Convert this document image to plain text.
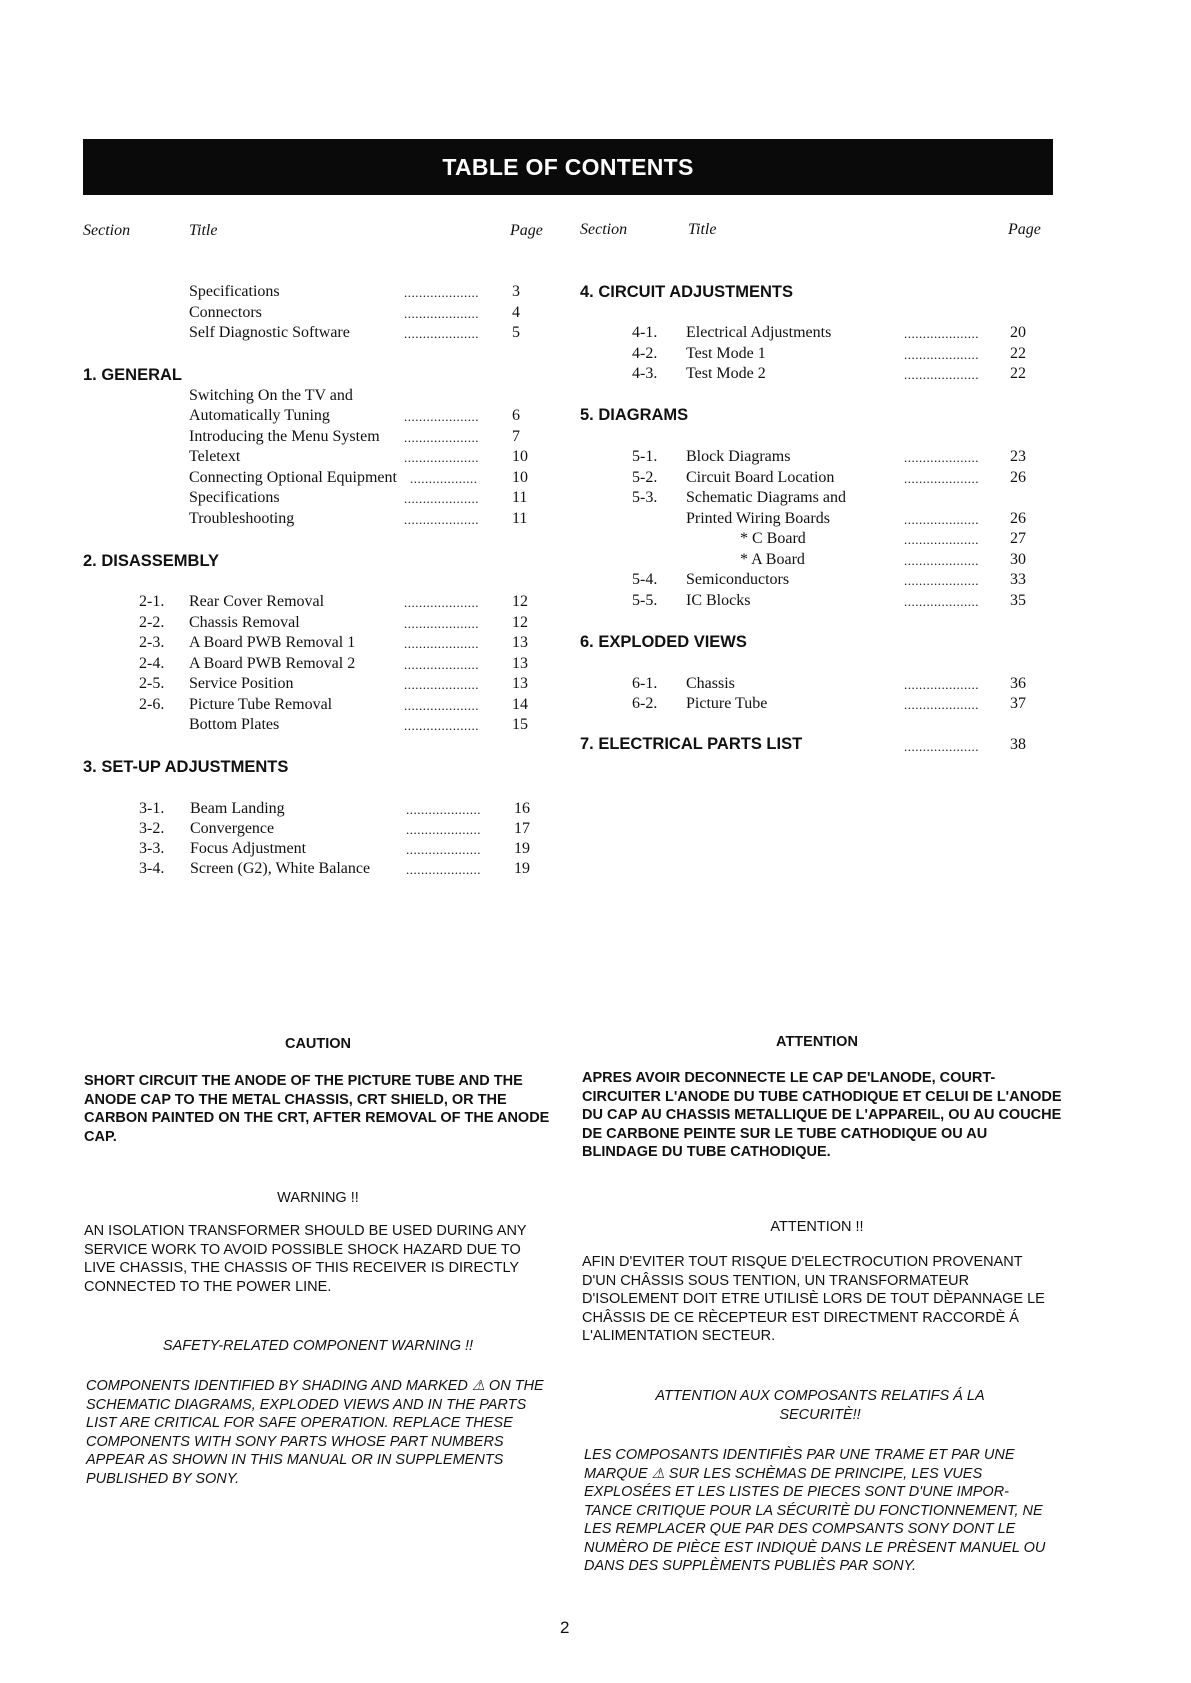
TABLE OF CONTENTS
Section	Title	Page Section	Title	Page
Specifications	.................... 3
Connectors	.................... 4
Self Diagnostic Software	.................... 5
1. GENERAL
Switching On the TV and
Automatically Tuning	.................... 6
Introducing the Menu System .................... 7
Teletext	.................... 10
Connecting Optional Equipment .................. 10
Specifications	.................... 11
Troubleshooting	.................... 11
2. DISASSEMBLY
2-1. Rear Cover Removal	.................... 12
2-2. Chassis Removal	.................... 12
2-3. A Board PWB Removal 1	.................... 13
2-4. A Board PWB Removal 2	.................... 13
2-5. Service Position	.................... 13
2-6. Picture Tube Removal	.................... 14
Bottom Plates	.................... 15
3. SET-UP ADJUSTMENTS
3-1. Beam Landing	.................... 16
3-2. Convergence	.................... 17
3-3. Focus Adjustment	.................... 19
3-4. Screen (G2), White Balance	.................... 19
4. CIRCUIT ADJUSTMENTS
4-1. Electrical Adjustments	.................... 20
4-2. Test Mode 1	.................... 22
4-3. Test Mode 2	.................... 22
5. DIAGRAMS
5-1. Block Diagrams	.................... 23
5-2. Circuit Board Location	.................... 26
5-3. Schematic Diagrams and
Printed Wiring Boards	.................... 26
* C Board	.................... 27
* A Board	.................... 30
5-4. Semiconductors	.................... 33
5-5. IC Blocks	.................... 35
6. EXPLODED VIEWS
6-1. Chassis	.................... 36
6-2. Picture Tube	.................... 37
7. ELECTRICAL PARTS LIST	.................... 38
CAUTION
SHORT CIRCUIT THE ANODE OF THE PICTURE TUBE AND THE ANODE CAP TO THE METAL CHASSIS, CRT SHIELD, OR THE CARBON PAINTED ON THE CRT, AFTER REMOVAL OF THE ANODE CAP.
WARNING !!
AN ISOLATION TRANSFORMER SHOULD BE USED DURING ANY SERVICE WORK TO AVOID POSSIBLE SHOCK HAZARD DUE TO LIVE CHASSIS, THE CHASSIS OF THIS RECEIVER IS DIRECTLY CONNECTED TO THE POWER LINE.
SAFETY-RELATED COMPONENT WARNING !!
COMPONENTS IDENTIFIED BY SHADING AND MARKED ⚠ ON THE SCHEMATIC DIAGRAMS, EXPLODED VIEWS AND IN THE PARTS LIST ARE CRITICAL FOR SAFE OPERATION. REPLACE THESE COMPONENTS WITH SONY PARTS WHOSE PART NUMBERS APPEAR AS SHOWN IN THIS MANUAL OR IN SUPPLEMENTS PUBLISHED BY SONY.
ATTENTION
APRES AVOIR DECONNECTE LE CAP DE'LANODE, COURT-CIRCUITER L'ANODE DU TUBE CATHODIQUE ET CELUI DE L'ANODE DU CAP AU CHASSIS METALLIQUE DE L'APPAREIL, OU AU COUCHE DE CARBONE PEINTE SUR LE TUBE CATHODIQUE OU AU BLINDAGE DU TUBE CATHODIQUE.
ATTENTION !!
AFIN D'EVITER TOUT RISQUE D'ELECTROCUTION PROVENANT D'UN CHÂSSIS SOUS TENTION, UN TRANSFORMATEUR D'ISOLEMENT DOIT ETRE UTILISÈ LORS DE TOUT DÈPANNAGE LE CHÂSSIS DE CE RÈCEPTEUR EST DIRECTMENT RACCORDÈ Á L'ALIMENTATION SECTEUR.
ATTENTION AUX COMPOSANTS RELATIFS Á LA SECURITÈ!!
LES COMPOSANTS IDENTIFIÈS PAR UNE TRAME ET PAR UNE MARQUE ⚠ SUR LES SCHÈMAS DE PRINCIPE, LES VUES EXPLOSÉES ET LES LISTES DE PIECES SONT D'UNE IMPOR-TANCE CRITIQUE POUR LA SÉCURITÈ DU FONCTIONNEMENT, NE LES REMPLACER QUE PAR DES COMPSANTS SONY DONT LE NUMÈRO DE PIÈCE EST INDIQUÈ DANS LE PRÈSENT MANUEL OU DANS DES SUPPLÈMENTS PUBLIÈS PAR SONY.
2
